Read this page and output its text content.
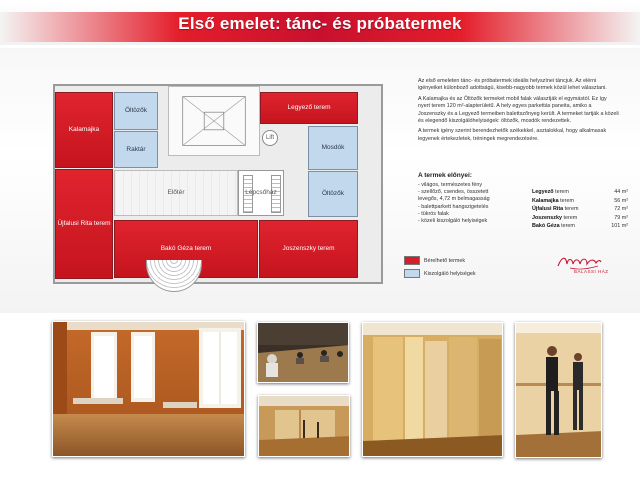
Első emelet: tánc- és próbatermek
Kalamajka
Öltözők
Raktár
Legyező terem
Lift
Mosdók
Újfalusi Rita terem
Előtér	Lépcsőház	Öltözők
Bakó Géza terem	Joszenszky terem

Az első emeleten tánc- és próbatermek ideális helyszínei táncjuk. Az elérni igényeiket külonboző adottságú, kisebb-nagyobb termek közül lehet választani.

A Kalamajka és az Öltözők termeket mobil falak választják el egymástól. Ez így nyert terem 120 m²-alapterületű. A hely egyes parkettás paneita, amiko a Joszenszky és a Legyező termeiben balettszőnyeg került. A termeket tartják a közeli és elegendő kiszolgálóhelyiségek: öltözők, mosdók rendezettek.

A termek igény szerint berendezhetők székekkel, asztalokkal, hogy alkalmasak legyenek értekezletek, tréningek megrendezésére.

A termek előnyei:
- világos, természetes fény
- szellőző, csendes, összetett
levegős, 4,72 m belmagasság
- balettparkett hangszigetelés
- tükrös falak
- közeli kiszolgáló helyiségek
Legyező
terem	44 m²
Kalamajka
terem	56 m²
Újfalusi Rita
terem	72 m²
Joszenszky
terem	79 m²
Bakó Géza
terem	101 m²
Bérelhető termek
Kiszolgáló helyiségek	BALASSI HÁZ
